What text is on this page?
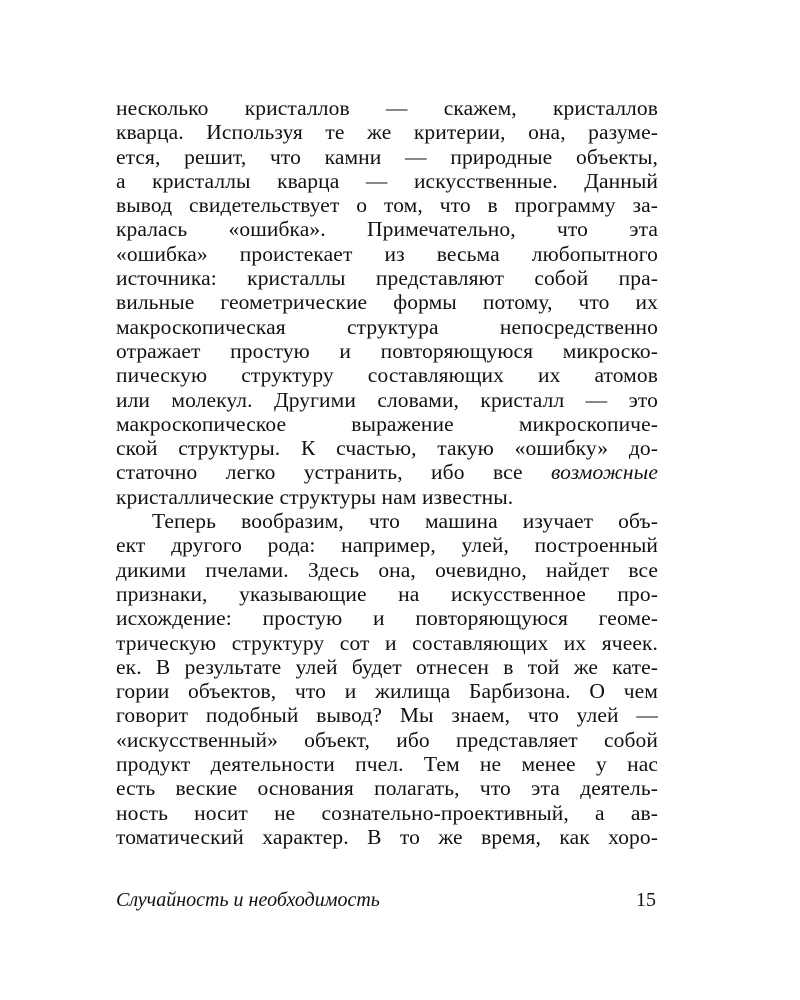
несколько кристаллов — скажем, кристаллов
кварца. Используя те же критерии, она, разуме-
ется, решит, что камни — природные объекты,
а кристаллы кварца — искусственные. Данный
вывод свидетельствует о том, что в программу за-
кралась «ошибка». Примечательно, что эта
«ошибка» проистекает из весьма любопытного
источника: кристаллы представляют собой пра-
вильные геометрические формы потому, что их
макроскопическая структура непосредственно
отражает простую и повторяющуюся микроско-
пическую структуру составляющих их атомов
или молекул. Другими словами, кристалл — это
макроскопическое выражение микроскопиче-
ской структуры. К счастью, такую «ошибку» до-
статочно легко устранить, ибо все возможные
кристаллические структуры нам известны.
Теперь вообразим, что машина изучает объ-
ект другого рода: например, улей, построенный
дикими пчелами. Здесь она, очевидно, найдет все
признаки, указывающие на искусственное про-
исхождение: простую и повторяющуюся геоме-
трическую структуру сот и составляющих их ячеек.
ек. В результате улей будет отнесен в той же катe-
гории объектов, что и жилища Барбизона. О чем
говорит подобный вывод? Мы знаем, что улей —
«искусственный» объект, ибо представляет собой
продукт деятельности пчел. Тем не менее у нас
есть веские основания полагать, что эта деятель-
ность носит не сознательно-проективный, а ав-
томатический характер. В то же время, как хоро-
Случайность и необходимость	15
